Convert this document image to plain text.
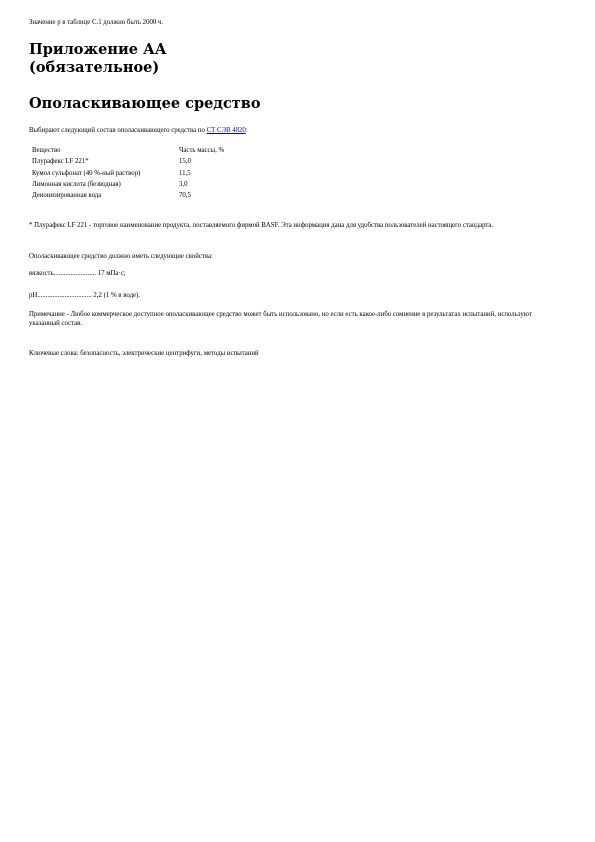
Значение p в таблице С.1 должно быть 2000 ч.
Приложение АА
(обязательное)
Ополаскивающее средство
Выбирают следующий состав ополаскивающего средства по СТ СЭВ 4820:
Вещество	Часть массы, %
Плурафекс LF 221*	15,0
Кумол сульфонат (40 %-ный раствор)	11,5
Лимонная кислота (безводная)	3,0
Деионизированная вода	70,5
* Плурафекс LF 221 - торговое наименование продукта, поставляемого фирмой BASF. Эта информация дана для удобства пользователей настоящего стандарта.
Ополаскивающее средство должно иметь следующие свойства:
вязкость......................... 17 мПа·с;
pH................................ 2,2 (1 % в воде).
Примечание - Любое коммерческое доступное ополаскивающее средство может быть использовано, но если есть какое-либо сомнение в результатах испытаний, используют указанный состав.
Ключевые слова: безопасность, электрические центрифуги, методы испытаний
